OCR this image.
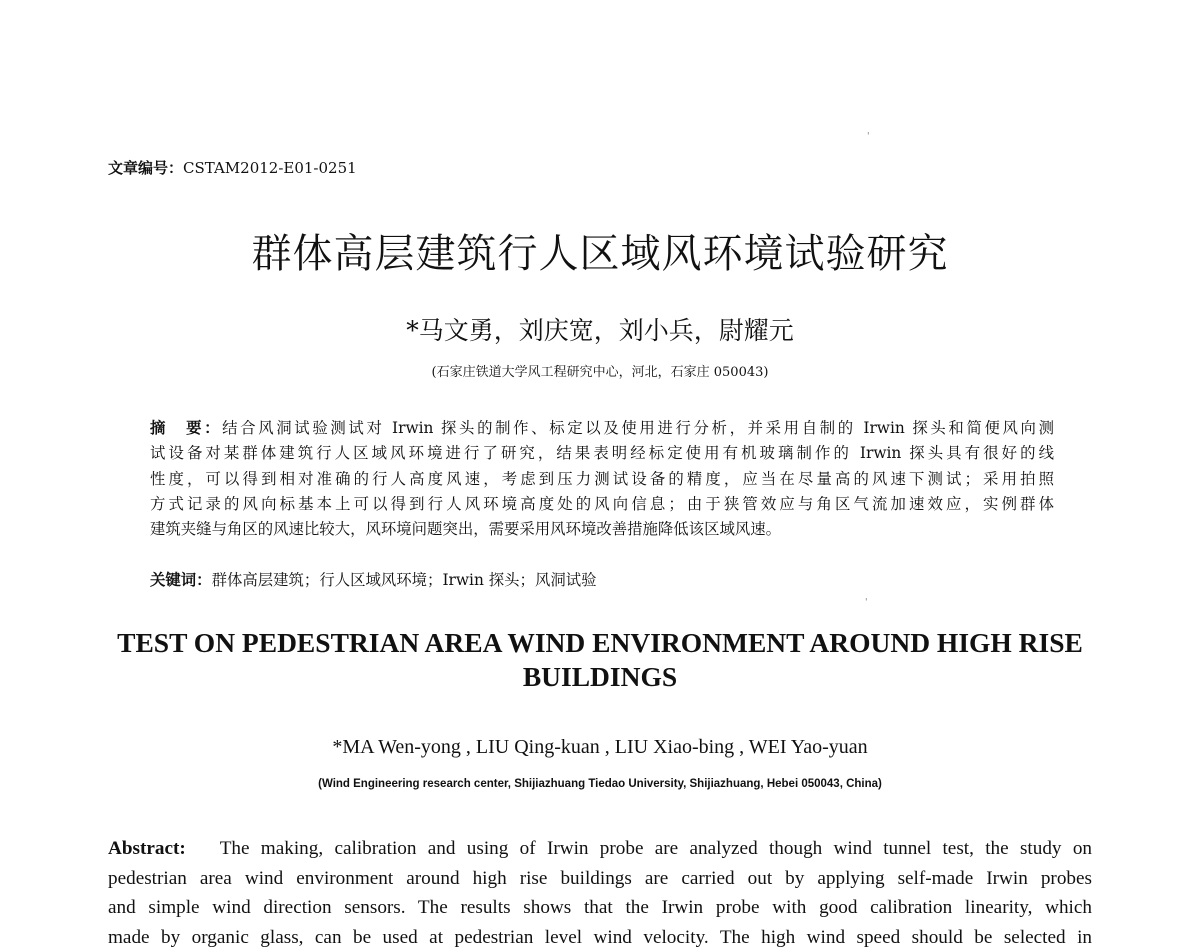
文章编号：CSTAM2012-E01-0251
群体高层建筑行人区域风环境试验研究
*马文勇，刘庆宽，刘小兵，尉耀元
(石家庄铁道大学风工程研究中心，河北，石家庄 050043)
摘　要：结合风洞试验测试对 Irwin 探头的制作、标定以及使用进行分析，并采用自制的 Irwin 探头和简便风向测
试设备对某群体建筑行人区域风环境进行了研究，结果表明经标定使用有机玻璃制作的 Irwin 探头具有很好的线
性度，可以得到相对准确的行人高度风速，考虑到压力测试设备的精度，应当在尽量高的风速下测试；采用拍照
方式记录的风向标基本上可以得到行人风环境高度处的风向信息；由于狭管效应与角区气流加速效应，实例群体
建筑夹缝与角区的风速比较大，风环境问题突出，需要采用风环境改善措施降低该区域风速。
关键词：群体高层建筑；行人区域风环境；Irwin 探头；风洞试验
TEST ON PEDESTRIAN AREA WIND ENVIRONMENT AROUND HIGH RISE BUILDINGS
*MA Wen-yong , LIU Qing-kuan , LIU Xiao-bing , WEI Yao-yuan
(Wind Engineering research center, Shijiazhuang Tiedao University, Shijiazhuang, Hebei 050043, China)
Abstract: The making, calibration and using of Irwin probe are analyzed though wind tunnel test, the study on
pedestrian area wind environment around high rise buildings are carried out by applying self-made Irwin probes
and simple wind direction sensors. The results shows that the Irwin probe with good calibration linearity, which
made by organic glass, can be used at pedestrian level wind velocity. The high wind speed should be selected in
'
'
